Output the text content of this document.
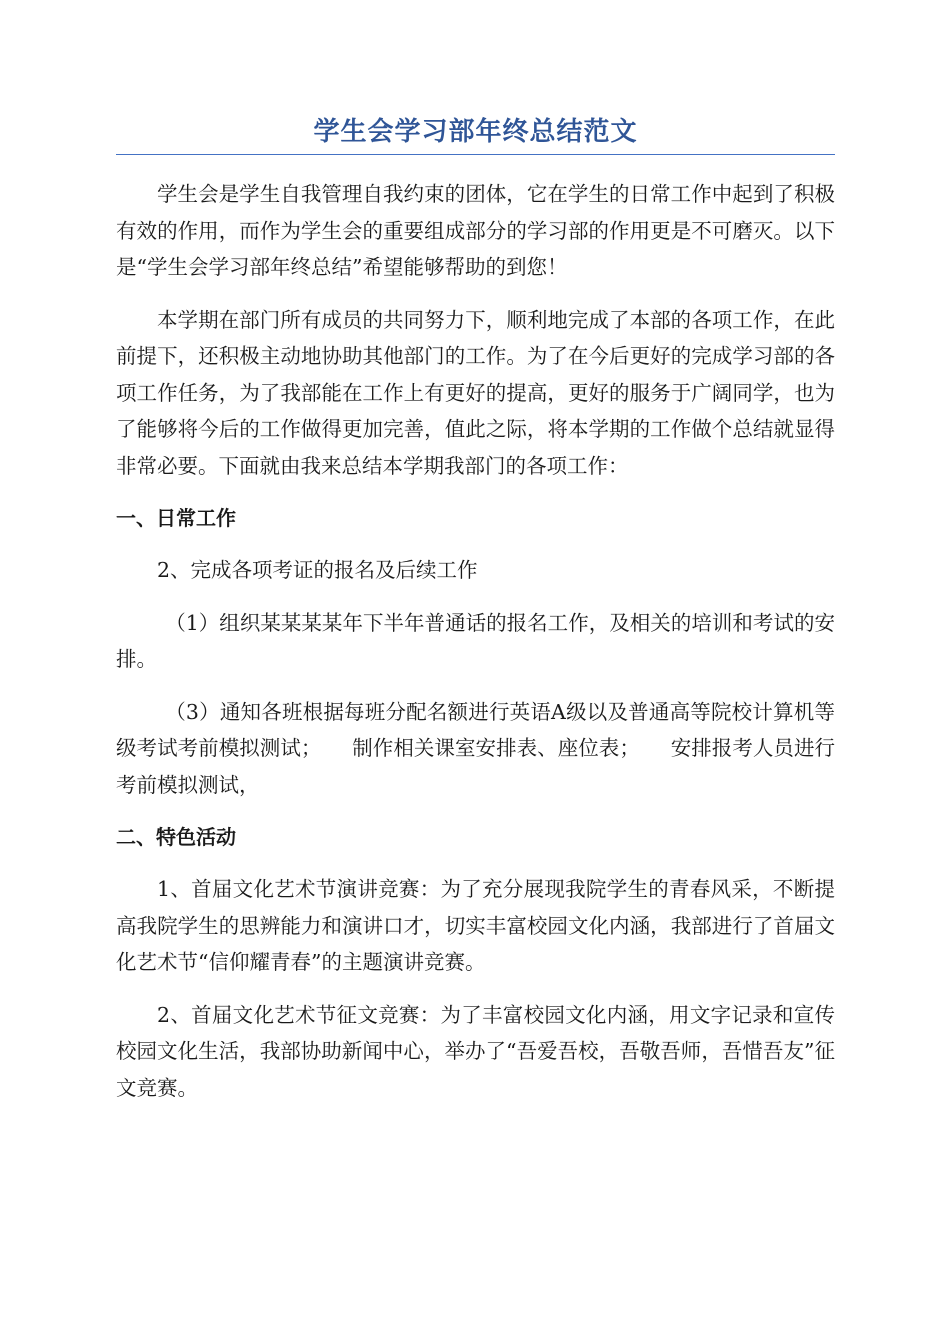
学生会学习部年终总结范文

学生会是学生自我管理自我约束的团体，它在学生的日常工作中起到了积极有效的作用，而作为学生会的重要组成部分的学习部的作用更是不可磨灭。以下是“学生会学习部年终总结”希望能够帮助的到您！

本学期在部门所有成员的共同努力下，顺利地完成了本部的各项工作，在此前提下，还积极主动地协助其他部门的工作。为了在今后更好的完成学习部的各项工作任务，为了我部能在工作上有更好的提高，更好的服务于广阔同学，也为了能够将今后的工作做得更加完善，值此之际，将本学期的工作做个总结就显得非常必要。下面就由我来总结本学期我部门的各项工作：

一、日常工作

2、完成各项考证的报名及后续工作

（1）组织某某某某年下半年普通话的报名工作，及相关的培训和考试的安排。

（3）通知各班根据每班分配名额进行英语A级以及普通高等院校计算机等级考试考前模拟测试；　　制作相关课室安排表、座位表；　　安排报考人员进行考前模拟测试，

二、特色活动

1、首届文化艺术节演讲竞赛：为了充分展现我院学生的青春风采，不断提高我院学生的思辨能力和演讲口才，切实丰富校园文化内涵，我部进行了首届文化艺术节“信仰耀青春”的主题演讲竞赛。

2、首届文化艺术节征文竞赛：为了丰富校园文化内涵，用文字记录和宣传校园文化生活，我部协助新闻中心，举办了“吾爱吾校，吾敬吾师，吾惜吾友”征文竞赛。
